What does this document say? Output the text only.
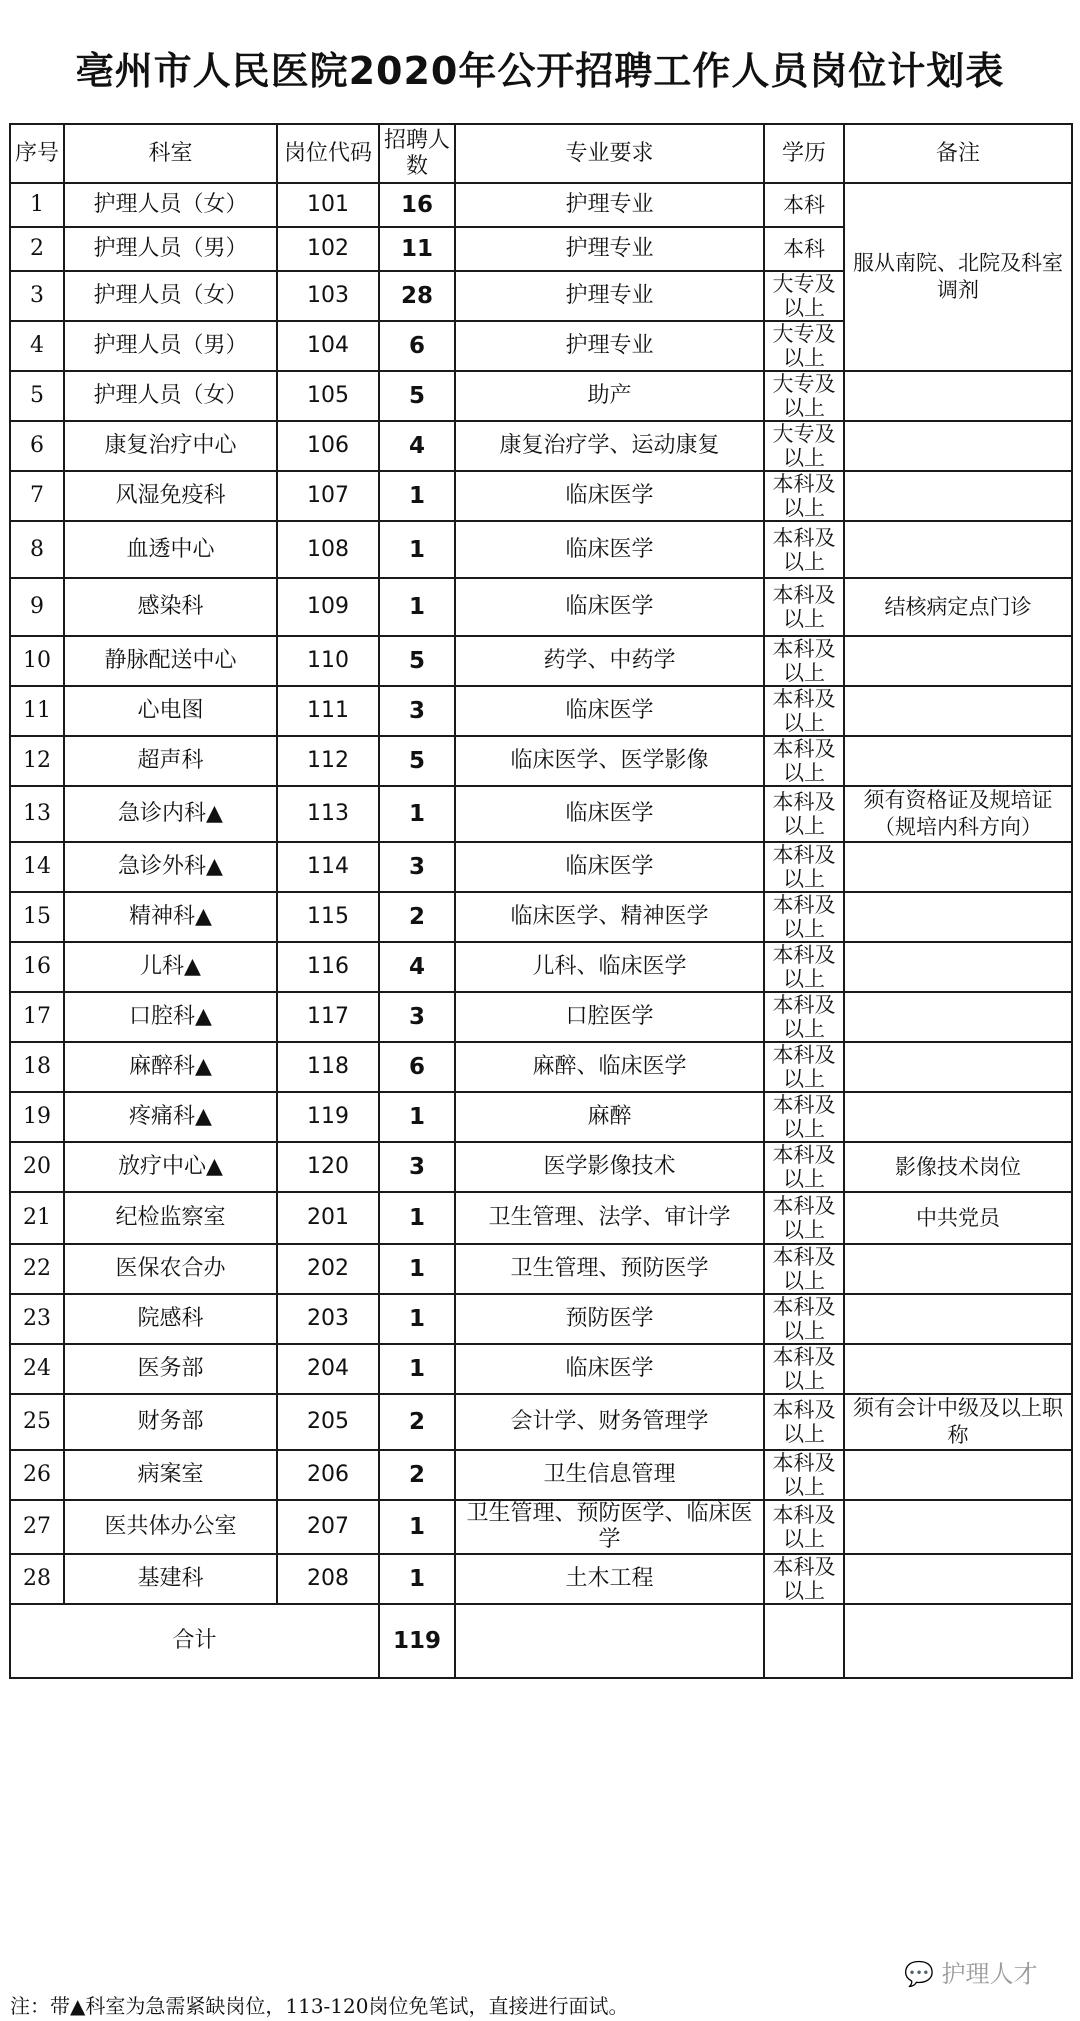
亳州市人民医院2020年公开招聘工作人员岗位计划表
序号	科室	岗位代码	招聘人数	专业要求	学历	备注
1	护理人员（女）	101	16	护理专业	本科	服从南院、北院及科室调剂
2	护理人员（男）	102	11	护理专业	本科	
3	护理人员（女）	103	28	护理专业	大专及以上	
4	护理人员（男）	104	6	护理专业	大专及以上	
5	护理人员（女）	105	5	助产	大专及以上	
6	康复治疗中心	106	4	康复治疗学、运动康复	大专及以上	
7	风湿免疫科	107	1	临床医学	本科及以上	
8	血透中心	108	1	临床医学	本科及以上	
9	感染科	109	1	临床医学	本科及以上	结核病定点门诊
10	静脉配送中心	110	5	药学、中药学	本科及以上	
11	心电图	111	3	临床医学	本科及以上	
12	超声科	112	5	临床医学、医学影像	本科及以上	
13	急诊内科▲	113	1	临床医学	本科及以上	须有资格证及规培证（规培内科方向）
14	急诊外科▲	114	3	临床医学	本科及以上	
15	精神科▲	115	2	临床医学、精神医学	本科及以上	
16	儿科▲	116	4	儿科、临床医学	本科及以上	
17	口腔科▲	117	3	口腔医学	本科及以上	
18	麻醉科▲	118	6	麻醉、临床医学	本科及以上	
19	疼痛科▲	119	1	麻醉	本科及以上	
20	放疗中心▲	120	3	医学影像技术	本科及以上	影像技术岗位
21	纪检监察室	201	1	卫生管理、法学、审计学	本科及以上	中共党员
22	医保农合办	202	1	卫生管理、预防医学	本科及以上	
23	院感科	203	1	预防医学	本科及以上	
24	医务部	204	1	临床医学	本科及以上	
25	财务部	205	2	会计学、财务管理学	本科及以上	须有会计中级及以上职称
26	病案室	206	2	卫生信息管理	本科及以上	
27	医共体办公室	207	1	卫生管理、预防医学、临床医学	本科及以上	
28	基建科	208	1	土木工程	本科及以上	
合计			119			
注：带▲科室为急需紧缺岗位，113-120岗位免笔试，直接进行面试。
💬 护理人才
